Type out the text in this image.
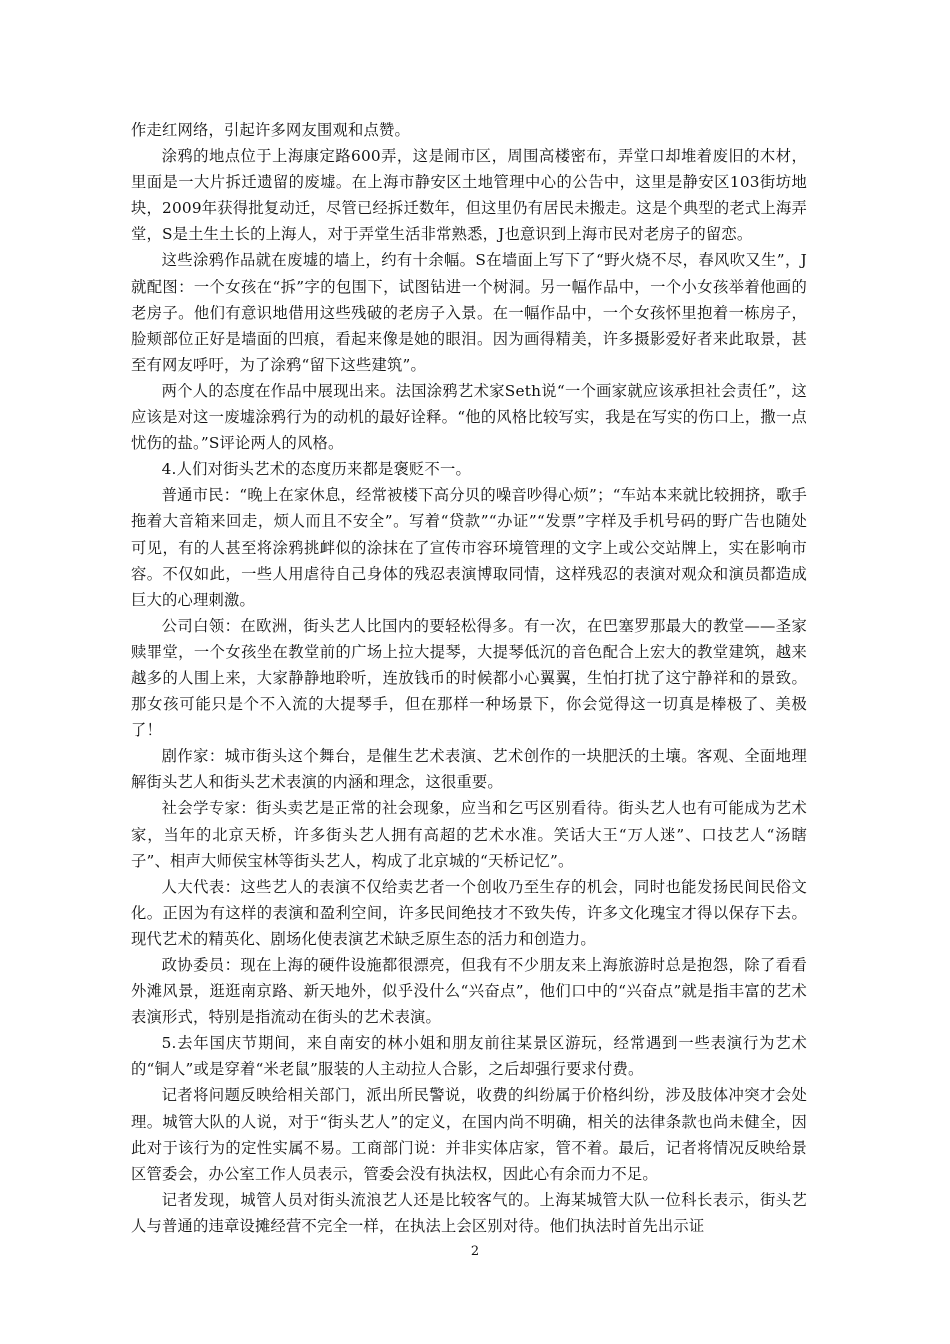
作走红网络，引起许多网友围观和点赞。

涂鸦的地点位于上海康定路600弄，这是闹市区，周围高楼密布，弄堂口却堆着废旧的木材，里面是一大片拆迁遗留的废墟。在上海市静安区土地管理中心的公告中，这里是静安区103街坊地块，2009年获得批复动迁，尽管已经拆迁数年，但这里仍有居民未搬走。这是个典型的老式上海弄堂，S是土生土长的上海人，对于弄堂生活非常熟悉，J也意识到上海市民对老房子的留恋。

这些涂鸦作品就在废墟的墙上，约有十余幅。S在墙面上写下了“野火烧不尽，春风吹又生”，J就配图：一个女孩在“拆”字的包围下，试图钻进一个树洞。另一幅作品中，一个小女孩举着他画的老房子。他们有意识地借用这些残破的老房子入景。在一幅作品中，一个女孩怀里抱着一栋房子，脸颊部位正好是墙面的凹痕，看起来像是她的眼泪。因为画得精美，许多摄影爱好者来此取景，甚至有网友呼吁，为了涂鸦“留下这些建筑”。

两个人的态度在作品中展现出来。法国涂鸦艺术家Seth说“一个画家就应该承担社会责任”，这应该是对这一废墟涂鸦行为的动机的最好诠释。“他的风格比较写实，我是在写实的伤口上，撒一点忧伤的盐。”S评论两人的风格。

4.人们对街头艺术的态度历来都是褒贬不一。

普通市民：“晚上在家休息，经常被楼下高分贝的噪音吵得心烦”；“车站本来就比较拥挤，歌手拖着大音箱来回走，烦人而且不安全”。写着“贷款”“办证”“发票”字样及手机号码的野广告也随处可见，有的人甚至将涂鸦挑衅似的涂抹在了宣传市容环境管理的文字上或公交站牌上，实在影响市容。不仅如此，一些人用虐待自己身体的残忍表演博取同情，这样残忍的表演对观众和演员都造成巨大的心理刺激。

公司白领：在欧洲，街头艺人比国内的要轻松得多。有一次，在巴塞罗那最大的教堂——圣家赎罪堂，一个女孩坐在教堂前的广场上拉大提琴，大提琴低沉的音色配合上宏大的教堂建筑，越来越多的人围上来，大家静静地聆听，连放钱币的时候都小心翼翼，生怕打扰了这宁静祥和的景致。那女孩可能只是个不入流的大提琴手，但在那样一种场景下，你会觉得这一切真是棒极了、美极了！

剧作家：城市街头这个舞台，是催生艺术表演、艺术创作的一块肥沃的土壤。客观、全面地理解街头艺人和街头艺术表演的内涵和理念，这很重要。

社会学专家：街头卖艺是正常的社会现象，应当和乞丐区别看待。街头艺人也有可能成为艺术家，当年的北京天桥，许多街头艺人拥有高超的艺术水准。笑话大王“万人迷”、口技艺人“汤瞎子”、相声大师侯宝林等街头艺人，构成了北京城的“天桥记忆”。

人大代表：这些艺人的表演不仅给卖艺者一个创收乃至生存的机会，同时也能发扬民间民俗文化。正因为有这样的表演和盈利空间，许多民间绝技才不致失传，许多文化瑰宝才得以保存下去。现代艺术的精英化、剧场化使表演艺术缺乏原生态的活力和创造力。

政协委员：现在上海的硬件设施都很漂亮，但我有不少朋友来上海旅游时总是抱怨，除了看看外滩风景，逛逛南京路、新天地外，似乎没什么“兴奋点”，他们口中的“兴奋点”就是指丰富的艺术表演形式，特别是指流动在街头的艺术表演。

5.去年国庆节期间，来自南安的林小姐和朋友前往某景区游玩，经常遇到一些表演行为艺术的“铜人”或是穿着“米老鼠”服装的人主动拉人合影，之后却强行要求付费。

记者将问题反映给相关部门，派出所民警说，收费的纠纷属于价格纠纷，涉及肢体冲突才会处理。城管大队的人说，对于“街头艺人”的定义，在国内尚不明确，相关的法律条款也尚未健全，因此对于该行为的定性实属不易。工商部门说：并非实体店家，管不着。最后，记者将情况反映给景区管委会，办公室工作人员表示，管委会没有执法权，因此心有余而力不足。

记者发现，城管人员对街头流浪艺人还是比较客气的。上海某城管大队一位科长表示，街头艺人与普通的违章设摊经营不完全一样，在执法上会区别对待。他们执法时首先出示证

2
